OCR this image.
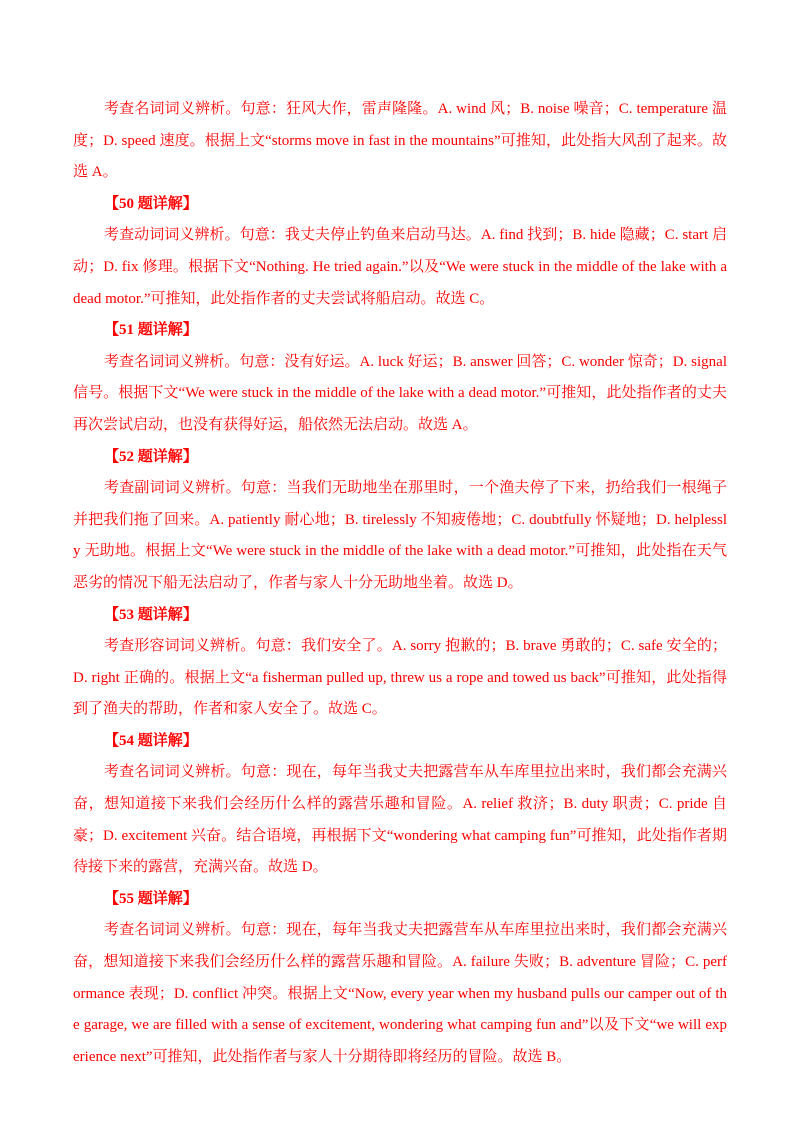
考查名词词义辨析。句意：狂风大作，雷声隆隆。A. wind 风；B. noise 噪音；C. temperature 温度；D. speed 速度。根据上文“storms move in fast in the mountains”可推知，此处指大风刮了起来。故选 A。

【50 题详解】

考查动词词义辨析。句意：我丈夫停止钓鱼来启动马达。A. find 找到；B. hide 隐藏；C. start 启动；D. fix 修理。根据下文“Nothing. He tried again.”以及“We were stuck in the middle of the lake with a dead motor.”可推知，此处指作者的丈夫尝试将船启动。故选 C。

【51 题详解】

考查名词词义辨析。句意：没有好运。A. luck 好运；B. answer 回答；C. wonder 惊奇；D. signal 信号。根据下文“We were stuck in the middle of the lake with a dead motor.”可推知，此处指作者的丈夫再次尝试启动，也没有获得好运，船依然无法启动。故选 A。

【52 题详解】

考查副词词义辨析。句意：当我们无助地坐在那里时，一个渔夫停了下来，扔给我们一根绳子并把我们拖了回来。A. patiently 耐心地；B. tirelessly 不知疲倦地；C. doubtfully 怀疑地；D. helplessly 无助地。根据上文“We were stuck in the middle of the lake with a dead motor.”可推知，此处指在天气恶劣的情况下船无法启动了，作者与家人十分无助地坐着。故选 D。

【53 题详解】

考查形容词词义辨析。句意：我们安全了。A. sorry 抱歉的；B. brave 勇敢的；C. safe 安全的；D. right 正确的。根据上文“a fisherman pulled up, threw us a rope and towed us back”可推知，此处指得到了渔夫的帮助，作者和家人安全了。故选 C。

【54 题详解】

考查名词词义辨析。句意：现在，每年当我丈夫把露营车从车库里拉出来时，我们都会充满兴奋，想知道接下来我们会经历什么样的露营乐趣和冒险。A. relief 救济；B. duty 职责；C. pride 自豪；D. excitement 兴奋。结合语境，再根据下文“wondering what camping fun”可推知，此处指作者期待接下来的露营，充满兴奋。故选 D。

【55 题详解】

考查名词词义辨析。句意：现在，每年当我丈夫把露营车从车库里拉出来时，我们都会充满兴奋，想知道接下来我们会经历什么样的露营乐趣和冒险。A. failure 失败；B. adventure 冒险；C. performance 表现；D. conflict 冲突。根据上文“Now, every year when my husband pulls our camper out of the garage, we are filled with a sense of excitement, wondering what camping fun and”以及下文“we will experience next”可推知，此处指作者与家人十分期待即将经历的冒险。故选 B。
